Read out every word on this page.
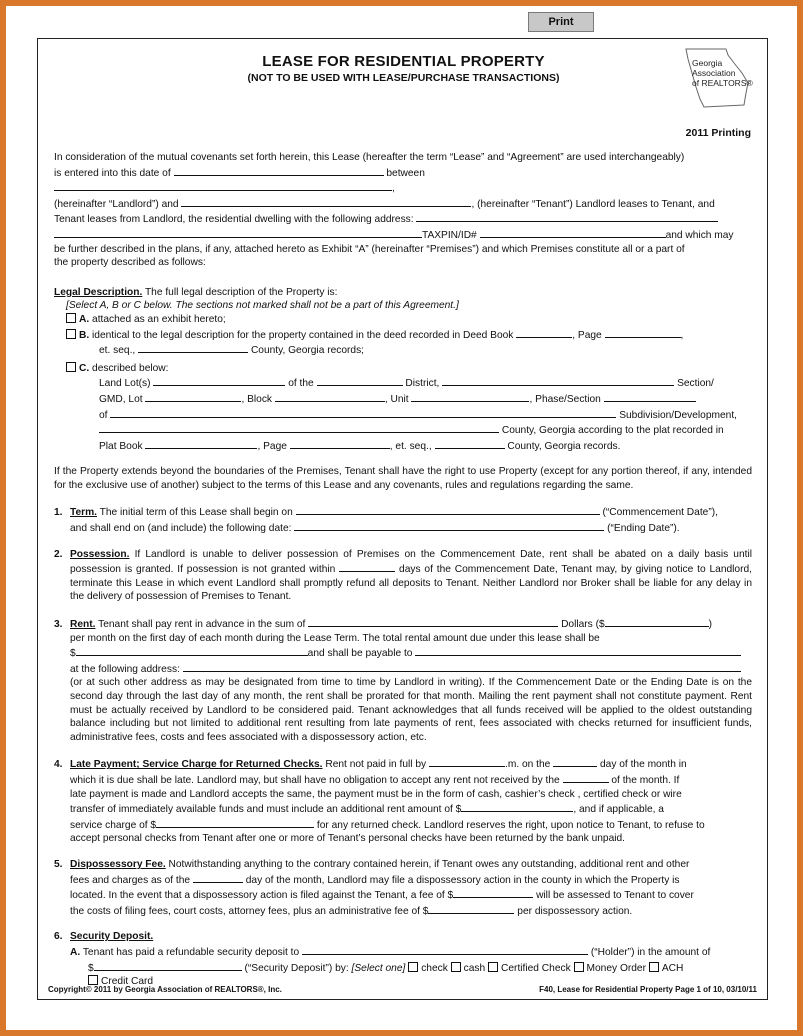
Print
LEASE FOR RESIDENTIAL PROPERTY
(NOT TO BE USED WITH LEASE/PURCHASE TRANSACTIONS)
Georgia
Association
of REALTORS®
2011 Printing

In consideration of the mutual covenants set forth herein, this Lease (hereafter the term “Lease” and “Agreement” are used interchangeably)

is entered into this date of	between ,

(hereinafter “Landlord”) and	, (hereinafter “Tenant”) Landlord leases to Tenant, and

Tenant leases from Landlord, the residential dwelling with the following address:

TAXPIN/ID#	and which may

be further described in the plans, if any, attached hereto as Exhibit “A” (hereinafter “Premises”) and which Premises constitute all or a part of

the property described as follows:

Legal Description. The full legal description of the Property is:

[Select A, B or C below. The sections not marked shall not be a part of this Agreement.]

A. attached as an exhibit hereto;

B. identical to the legal description for the property contained in the deed recorded in Deed Book	, Page	,

et. seq.,	County, Georgia records;

C. described below:

Land Lot(s)	of the	District,	Section/

GMD, Lot	, Block	, Unit	, Phase/Section

of	Subdivision/Development,

County, Georgia according to the plat recorded in

Plat Book	, Page	, et. seq.,	County, Georgia records.

If the Property extends beyond the boundaries of the Premises, Tenant shall have the right to use Property (except for any portion thereof, if any, intended for the exclusive use of another) subject to the terms of this Lease and any covenants, rules and regulations regarding the same.

1. Term. The initial term of this Lease shall begin on	(“Commencement Date”),

and shall end on (and include) the following date:	(“Ending Date”).

2. Possession. If Landlord is unable to deliver possession of Premises on the Commencement Date, rent shall be abated on a daily basis until possession is granted. If possession is not granted within	days of the Commencement Date, Tenant may, by giving notice to Landlord, terminate this Lease in which event Landlord shall promptly refund all deposits to Tenant. Neither Landlord nor Broker shall be liable for any delay in the delivery of possession of Premises to Tenant.

3. Rent. Tenant shall pay rent in advance in the sum of	Dollars ($	)

per month on the first day of each month during the Lease Term. The total rental amount due under this lease shall be

$	and shall be payable to

at the following address:

(or at such other address as may be designated from time to time by Landlord in writing). If the Commencement Date or the Ending Date is on the second day through the last day of any month, the rent shall be prorated for that month. Mailing the rent payment shall not constitute payment. Rent must be actually received by Landlord to be considered paid. Tenant acknowledges that all funds received will be applied to the oldest outstanding balance including but not limited to additional rent resulting from late payments of rent, fees associated with checks returned for insufficient funds, administrative fees, costs and fees associated with a dispossessory action, etc.

4. Late Payment; Service Charge for Returned Checks. Rent not paid in full by	.m. on the	day of the month in

which it is due shall be late. Landlord may, but shall have no obligation to accept any rent not received by the	of the month. If

late payment is made and Landlord accepts the same, the payment must be in the form of cash, cashier’s check , certified check or wire

transfer of immediately available funds and must include an additional rent amount of $	, and if applicable, a

service charge of $	for any returned check. Landlord reserves the right, upon notice to Tenant, to refuse to

accept personal checks from Tenant after one or more of Tenant’s personal checks have been returned by the bank unpaid.

5. Dispossessory Fee. Notwithstanding anything to the contrary contained herein, if Tenant owes any outstanding, additional rent and other

fees and charges as of the	day of the month, Landlord may file a dispossessory action in the county in which the Property is

located. In the event that a dispossessory action is filed against the Tenant, a fee of $	will be assessed to Tenant to cover

the costs of filing fees, court costs, attorney fees, plus an administrative fee of $	per dispossessory action.

6. Security Deposit.

A. Tenant has paid a refundable security deposit to	(“Holder”) in the amount of

$	(“Security Deposit”) by: [Select one] check cash Certified Check Money Order ACH

Credit Card

Copyright© 2011 by Georgia Association of REALTORS®, Inc.	F40, Lease for Residential Property Page 1 of 10, 03/10/11
